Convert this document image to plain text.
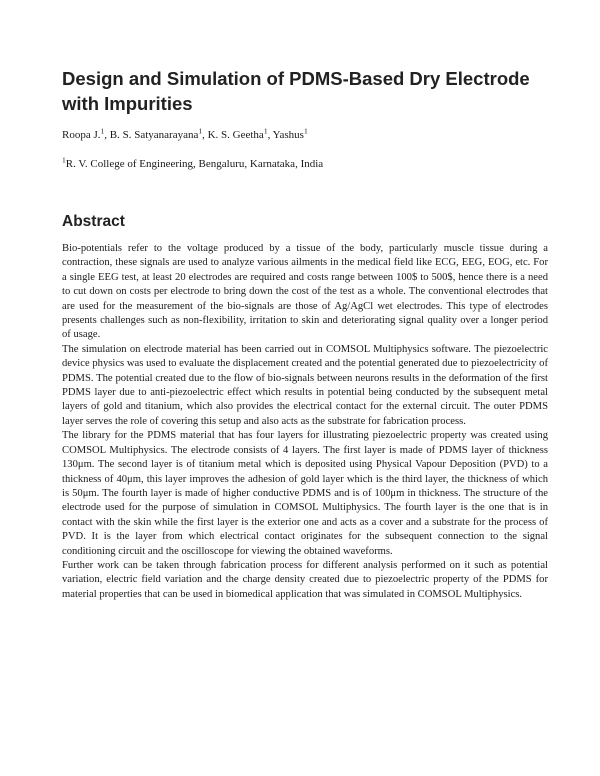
Design and Simulation of PDMS-Based Dry Electrode with Impurities
Roopa J.$^1$, B. S. Satyanarayana$^1$, K. S. Geetha$^1$, Yashus$^1$
$^1$R. V. College of Engineering, Bengaluru, Karnataka, India
Abstract

Bio-potentials refer to the voltage produced by a tissue of the body, particularly muscle tissue during a contraction, these signals are used to analyze various ailments in the medical field like ECG, EEG, EOG, etc. For a single EEG test, at least 20 electrodes are required and costs range between 100$ to 500$, hence there is a need to cut down on costs per electrode to bring down the cost of the test as a whole. The conventional electrodes that are used for the measurement of the bio-signals are those of Ag/AgCl wet electrodes. This type of electrodes presents challenges such as non-flexibility, irritation to skin and deteriorating signal quality over a longer period of usage.

The simulation on electrode material has been carried out in COMSOL Multiphysics software. The piezoelectric device physics was used to evaluate the displacement created and the potential generated due to piezoelectricity of PDMS. The potential created due to the flow of bio-signals between neurons results in the deformation of the first PDMS layer due to anti-piezoelectric effect which results in potential being conducted by the subsequent metal layers of gold and titanium, which also provides the electrical contact for the external circuit. The outer PDMS layer serves the role of covering this setup and also acts as the substrate for fabrication process.

The library for the PDMS material that has four layers for illustrating piezoelectric property was created using COMSOL Multiphysics. The electrode consists of 4 layers. The first layer is made of PDMS layer of thickness 130μm. The second layer is of titanium metal which is deposited using Physical Vapour Deposition (PVD) to a thickness of 40μm, this layer improves the adhesion of gold layer which is the third layer, the thickness of which is 50μm. The fourth layer is made of higher conductive PDMS and is of 100μm in thickness. The structure of the electrode used for the purpose of simulation in COMSOL Multiphysics. The fourth layer is the one that is in contact with the skin while the first layer is the exterior one and acts as a cover and a substrate for the process of PVD. It is the layer from which electrical contact originates for the subsequent connection to the signal conditioning circuit and the oscilloscope for viewing the obtained waveforms.

Further work can be taken through fabrication process for different analysis performed on it such as potential variation, electric field variation and the charge density created due to piezoelectric property of the PDMS for material properties that can be used in biomedical application that was simulated in COMSOL Multiphysics.
